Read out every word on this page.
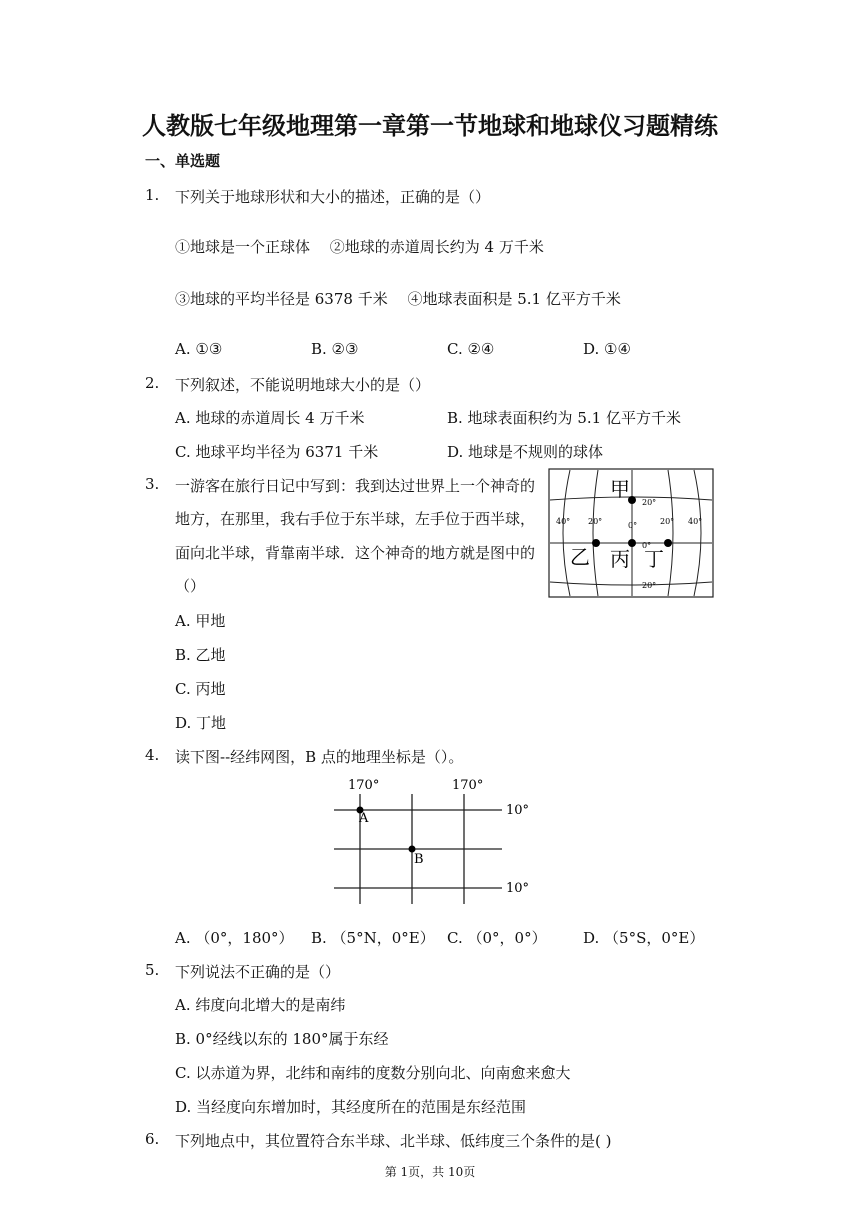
人教版七年级地理第一章第一节地球和地球仪习题精练
一、单选题
1. 下列关于地球形状和大小的描述，正确的是（）
①地球是一个正球体　 ②地球的赤道周长约为 4 万千米
③地球的平均半径是 6378 千米　 ④地球表面积是 5.1 亿平方千米
A. ①③	B. ②③	C. ②④	D. ①④
2. 下列叙述，不能说明地球大小的是（）
A. 地球的赤道周长 4 万千米	B. 地球表面积约为 5.1 亿平方千米
C. 地球平均半径为 6371 千米	D. 地球是不规则的球体
3. 一游客在旅行日记中写到：我到达过世界上一个神奇的
地方，在那里，我右手位于东半球，左手位于西半球，
面向北半球，背靠南半球．这个神奇的地方就是图中的
（）
A. 甲地
B. 乙地
C. 丙地
D. 丁地
甲
乙 丙 丁
20°
40° 20°	0°	20° 40°
0°
20°
4. 读下图--经纬网图，B 点的地理坐标是（）。
A
B
170°	170°
10°
10°
A. （0°，180°） B. （5°N，0°E） C. （0°，0°） D. （5°S，0°E）
5. 下列说法不正确的是（）
A. 纬度向北增大的是南纬
B. 0°经线以东的 180°属于东经
C. 以赤道为界，北纬和南纬的度数分别向北、向南愈来愈大
D. 当经度向东增加时，其经度所在的范围是东经范围
6. 下列地点中，其位置符合东半球、北半球、低纬度三个条件的是( )
第 1页，共 10页
